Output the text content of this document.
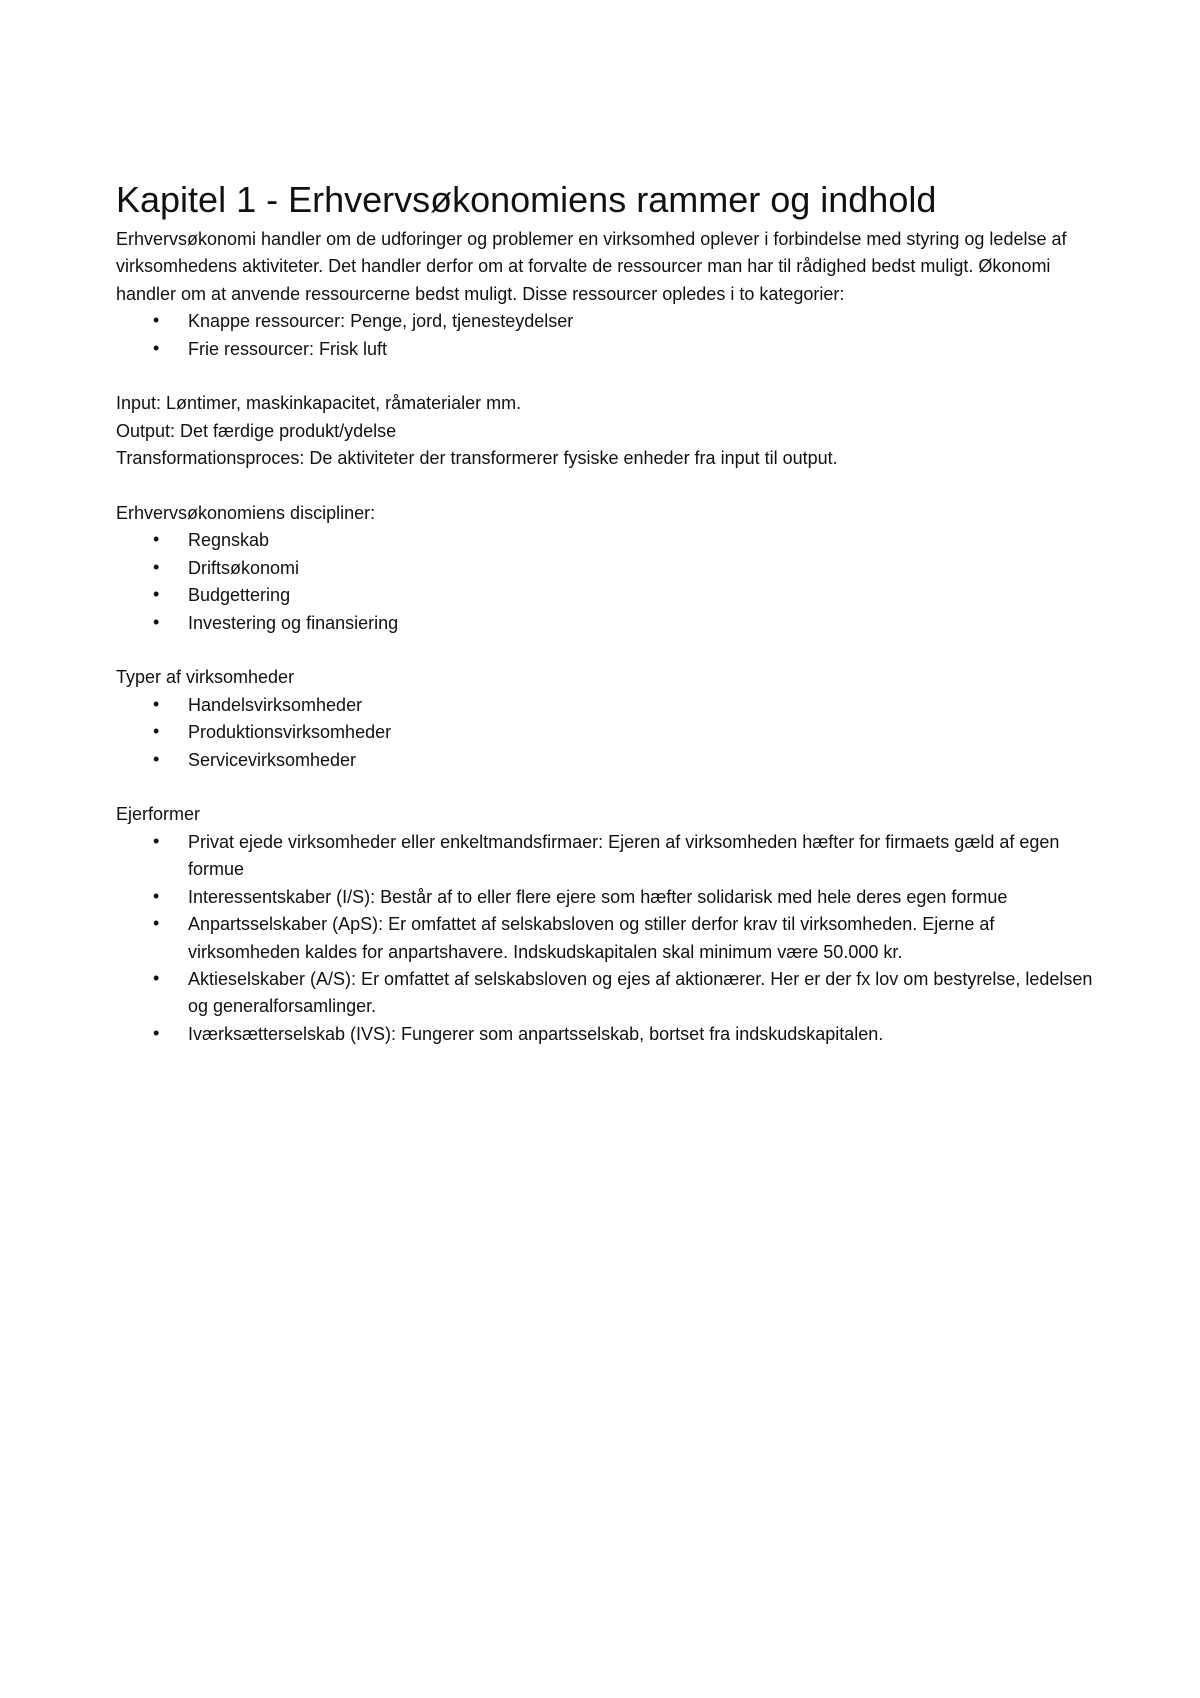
Kapitel 1 - Erhvervsøkonomiens rammer og indhold

Erhvervsøkonomi handler om de udforinger og problemer en virksomhed oplever i forbindelse med styring og ledelse af virksomhedens aktiviteter. Det handler derfor om at forvalte de ressourcer man har til rådighed bedst muligt. Økonomi handler om at anvende ressourcerne bedst muligt. Disse ressourcer opledes i to kategorier:

• Knappe ressourcer: Penge, jord, tjenesteydelser
• Frie ressourcer: Frisk luft

Input: Løntimer, maskinkapacitet, råmaterialer mm.

Output: Det færdige produkt/ydelse

Transformationsproces: De aktiviteter der transformerer fysiske enheder fra input til output.

Erhvervsøkonomiens discipliner:

• Regnskab
• Driftsøkonomi
• Budgettering
• Investering og finansiering

Typer af virksomheder

• Handelsvirksomheder
• Produktionsvirksomheder
• Servicevirksomheder

Ejerformer

• Privat ejede virksomheder eller enkeltmandsfirmaer: Ejeren af virksomheden hæfter for firmaets gæld af egen formue
• Interessentskaber (I/S): Består af to eller flere ejere som hæfter solidarisk med hele deres egen formue
• Anpartsselskaber (ApS): Er omfattet af selskabsloven og stiller derfor krav til virksomheden. Ejerne af virksomheden kaldes for anpartshavere. Indskudskapitalen skal minimum være 50.000 kr.
• Aktieselskaber (A/S): Er omfattet af selskabsloven og ejes af aktionærer. Her er der fx lov om bestyrelse, ledelsen og generalforsamlinger.
• Iværksætterselskab (IVS): Fungerer som anpartsselskab, bortset fra indskudskapitalen.
